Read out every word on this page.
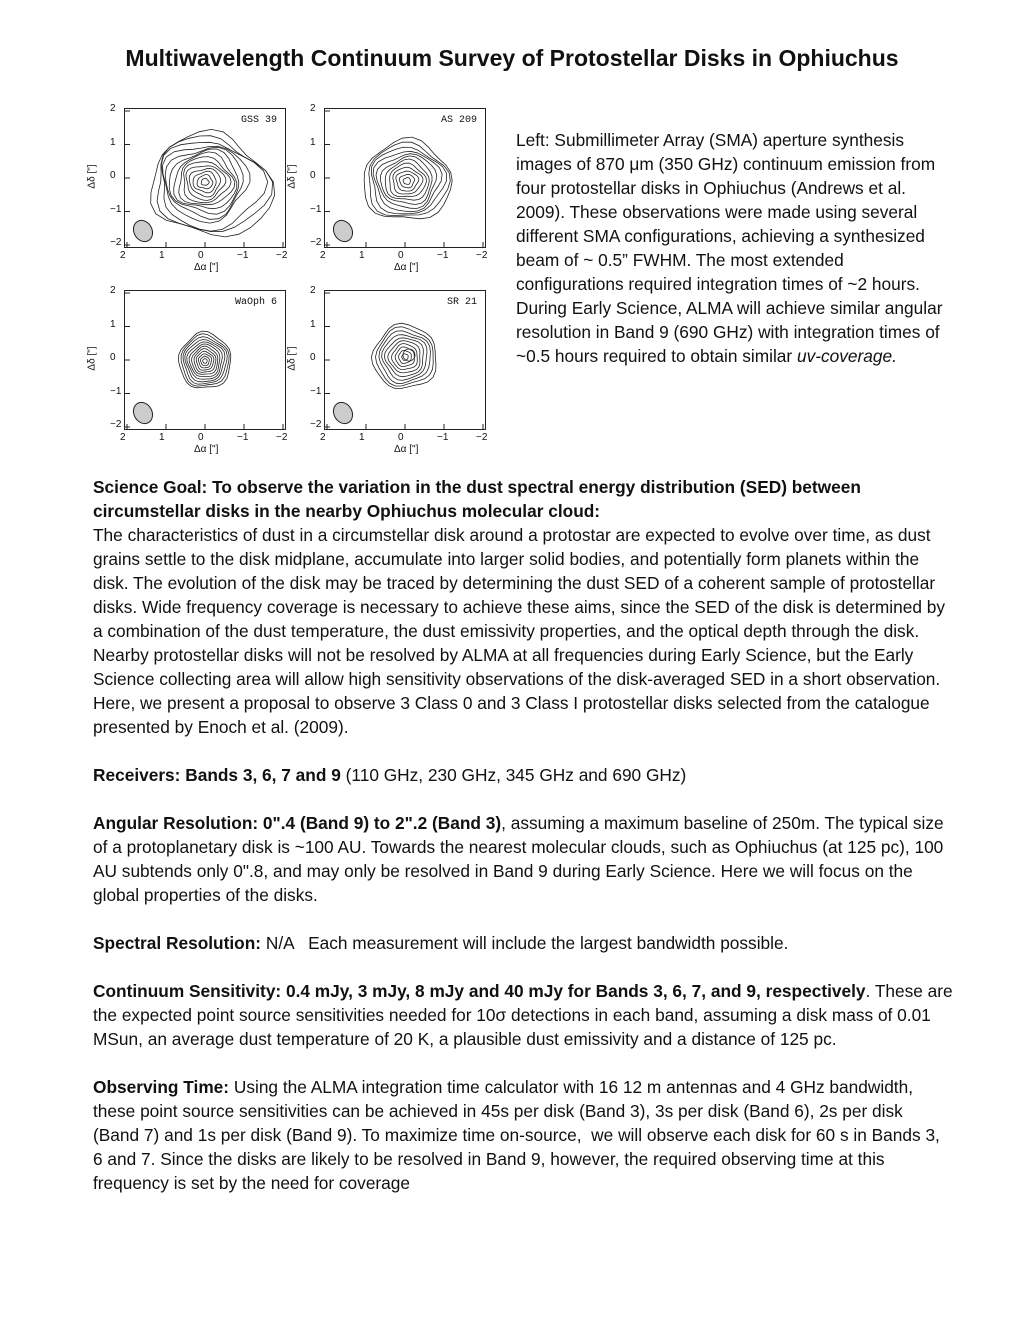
Multiwavelength Continuum Survey of Protostellar Disks in Ophiuchus
GSS 39
2	1	0	−1	−2
2
1
0
−1
−2
Δα ["]
Δδ ["]
AS 209
2	1	0	−1	−2
2
1
0
−1
−2
Δα ["]
Δδ ["]
WaOph 6
2	1	0	−1	−2
2
1
0
−1
−2
Δα ["]
Δδ ["]
SR 21
2	1	0	−1	−2
2
1
0
−1
−2
Δα ["]
Δδ ["]
Left: Submillimeter Array (SMA) aperture synthesis images of 870 μm (350 GHz) continuum emission from four protostellar disks in Ophiuchus (Andrews et al. 2009). These observations were made using several different SMA configurations, achieving a synthesized beam of ~ 0.5” FWHM. The most extended configurations required integration times of ~2 hours. During Early Science, ALMA will achieve similar angular resolution in Band 9 (690 GHz) with integration times of ~0.5 hours required to obtain similar uv-coverage.

Science Goal: To observe the variation in the dust spectral energy distribution (SED) between circumstellar disks in the nearby Ophiuchus molecular cloud:
The characteristics of dust in a circumstellar disk around a protostar are expected to evolve over time, as dust grains settle to the disk midplane, accumulate into larger solid bodies, and potentially form planets within the disk. The evolution of the disk may be traced by determining the dust SED of a coherent sample of protostellar disks. Wide frequency coverage is necessary to achieve these aims, since the SED of the disk is determined by a combination of the dust temperature, the dust emissivity properties, and the optical depth through the disk. Nearby protostellar disks will not be resolved by ALMA at all frequencies during Early Science, but the Early Science collecting area will allow high sensitivity observations of the disk-averaged SED in a short observation. Here, we present a proposal to observe 3 Class 0 and 3 Class I protostellar disks selected from the catalogue presented by Enoch et al. (2009).

Receivers: Bands 3, 6, 7 and 9 (110 GHz, 230 GHz, 345 GHz and 690 GHz)

Angular Resolution: 0".4 (Band 9) to 2".2 (Band 3), assuming a maximum baseline of 250m. The typical size of a protoplanetary disk is ~100 AU. Towards the nearest molecular clouds, such as Ophiuchus (at 125 pc), 100 AU subtends only 0".8, and may only be resolved in Band 9 during Early Science. Here we will focus on the global properties of the disks.

Spectral Resolution: N/A   Each measurement will include the largest bandwidth possible.

Continuum Sensitivity: 0.4 mJy, 3 mJy, 8 mJy and 40 mJy for Bands 3, 6, 7, and 9, respectively. These are the expected point source sensitivities needed for 10σ detections in each band, assuming a disk mass of 0.01 MSun, an average dust temperature of 20 K, a plausible dust emissivity and a distance of 125 pc.

Observing Time: Using the ALMA integration time calculator with 16 12 m antennas and 4 GHz bandwidth, these point source sensitivities can be achieved in 45s per disk (Band 3), 3s per disk (Band 6), 2s per disk (Band 7) and 1s per disk (Band 9). To maximize time on-source,  we will observe each disk for 60 s in Bands 3, 6 and 7. Since the disks are likely to be resolved in Band 9, however, the required observing time at this frequency is set by the need for coverage
